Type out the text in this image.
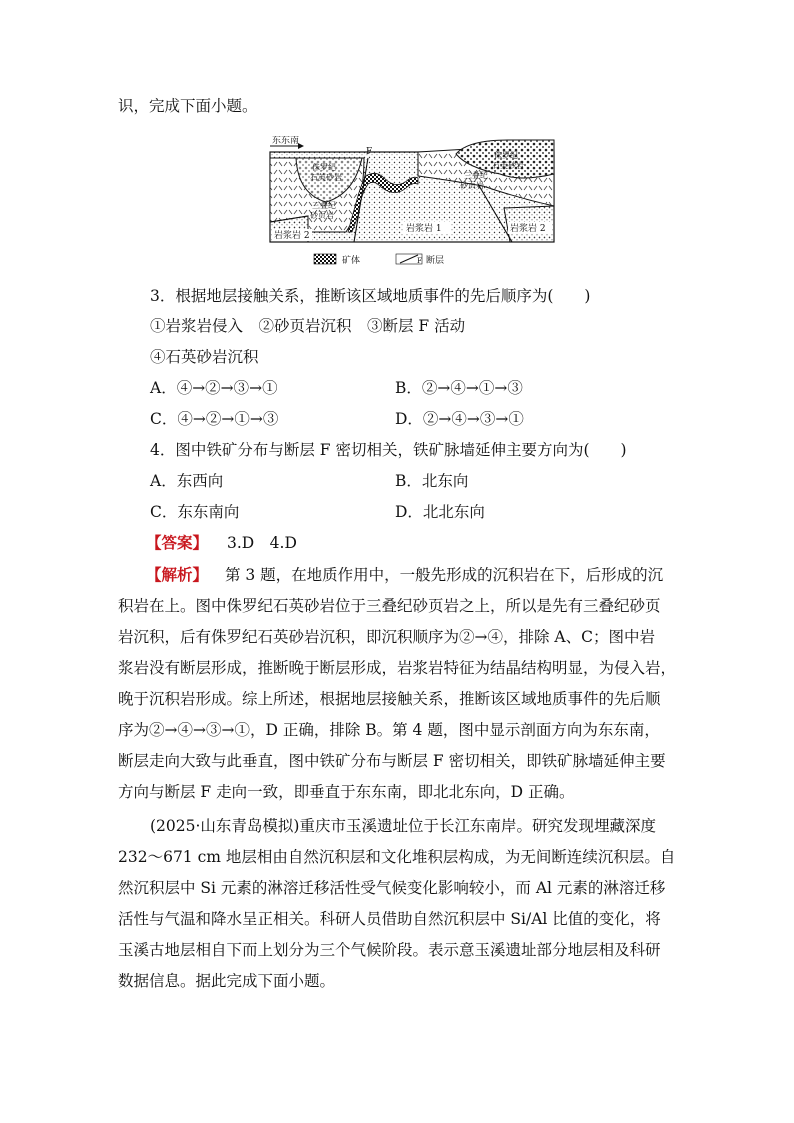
识，完成下面小题。
东东南
F
侏罗纪石英砂岩
侏罗纪石英砂岩
三叠纪砂页岩
三叠纪砂页岩
岩浆岩 1
岩浆岩 2
岩浆岩 2
矿体	F 断层
3．根据地层接触关系，推断该区域地质事件的先后顺序为(　　)
①岩浆岩侵入　②砂页岩沉积　③断层 F 活动
④石英砂岩沉积
A．④→②→③→①	B．②→④→①→③
C．④→②→①→③	D．②→④→③→①
4．图中铁矿分布与断层 F 密切相关，铁矿脉墙延伸主要方向为(　　)
A．东西向	B．北东向
C．东东南向	D．北北东向
【答案】 3.D　4.D
【解析】 第 3 题，在地质作用中，一般先形成的沉积岩在下，后形成的沉
积岩在上。图中侏罗纪石英砂岩位于三叠纪砂页岩之上，所以是先有三叠纪砂页
岩沉积，后有侏罗纪石英砂岩沉积，即沉积顺序为②→④，排除 A、C；图中岩
浆岩没有断层形成，推断晚于断层形成，岩浆岩特征为结晶结构明显，为侵入岩，
晚于沉积岩形成。综上所述，根据地层接触关系，推断该区域地质事件的先后顺
序为②→④→③→①，D 正确，排除 B。第 4 题，图中显示剖面方向为东东南，
断层走向大致与此垂直，图中铁矿分布与断层 F 密切相关，即铁矿脉墙延伸主要
方向与断层 F 走向一致，即垂直于东东南，即北北东向，D 正确。
(2025·山东青岛模拟)重庆市玉溪遗址位于长江东南岸。研究发现埋藏深度
232～671 cm 地层相由自然沉积层和文化堆积层构成，为无间断连续沉积层。自
然沉积层中 Si 元素的淋溶迁移活性受气候变化影响较小，而 Al 元素的淋溶迁移
活性与气温和降水呈正相关。科研人员借助自然沉积层中 Si/Al 比值的变化，将
玉溪古地层相自下而上划分为三个气候阶段。表示意玉溪遗址部分地层相及科研
数据信息。据此完成下面小题。
